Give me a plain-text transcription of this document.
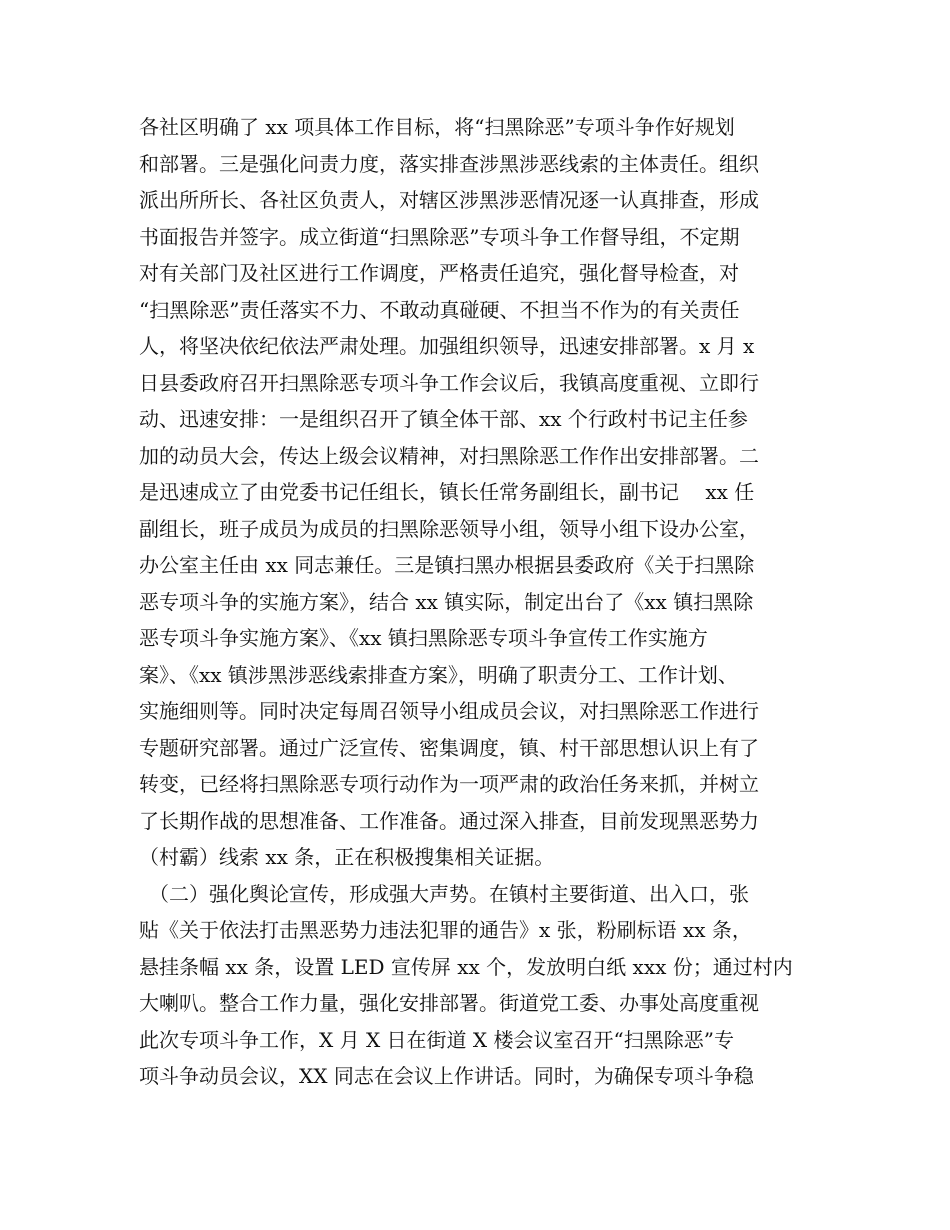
各社区明确了 xx 项具体工作目标，将“扫黑除恶”专项斗争作好规划

和部署。三是强化问责力度，落实排查涉黑涉恶线索的主体责任。组织

派出所所长、各社区负责人，对辖区涉黑涉恶情况逐一认真排查，形成

书面报告并签字。成立街道“扫黑除恶”专项斗争工作督导组，不定期

对有关部门及社区进行工作调度，严格责任追究，强化督导检查，对

“扫黑除恶”责任落实不力、不敢动真碰硬、不担当不作为的有关责任

人，将坚决依纪依法严肃处理。加强组织领导，迅速安排部署。x 月 x

日县委政府召开扫黑除恶专项斗争工作会议后，我镇高度重视、立即行

动、迅速安排：一是组织召开了镇全体干部、xx 个行政村书记主任参

加的动员大会，传达上级会议精神，对扫黑除恶工作作出安排部署。二

是迅速成立了由党委书记任组长，镇长任常务副组长，副书记　 xx 任

副组长，班子成员为成员的扫黑除恶领导小组，领导小组下设办公室，

办公室主任由 xx 同志兼任。三是镇扫黑办根据县委政府《关于扫黑除

恶专项斗争的实施方案》，结合 xx 镇实际，制定出台了《xx 镇扫黑除

恶专项斗争实施方案》、《xx 镇扫黑除恶专项斗争宣传工作实施方

案》、《xx 镇涉黑涉恶线索排查方案》，明确了职责分工、工作计划、

实施细则等。同时决定每周召领导小组成员会议，对扫黑除恶工作进行

专题研究部署。通过广泛宣传、密集调度，镇、村干部思想认识上有了

转变，已经将扫黑除恶专项行动作为一项严肃的政治任务来抓，并树立

了长期作战的思想准备、工作准备。通过深入排查，目前发现黑恶势力

（村霸）线索 xx 条，正在积极搜集相关证据。

　（二）强化舆论宣传，形成强大声势。在镇村主要街道、出入口，张

贴《关于依法打击黑恶势力违法犯罪的通告》x 张，粉刷标语 xx 条，

悬挂条幅 xx 条，设置 LED 宣传屏 xx 个，发放明白纸 xxx 份；通过村内

大喇叭。整合工作力量，强化安排部署。街道党工委、办事处高度重视

此次专项斗争工作，X 月 X 日在街道 X 楼会议室召开“扫黑除恶”专

项斗争动员会议，XX 同志在会议上作讲话。同时，为确保专项斗争稳
